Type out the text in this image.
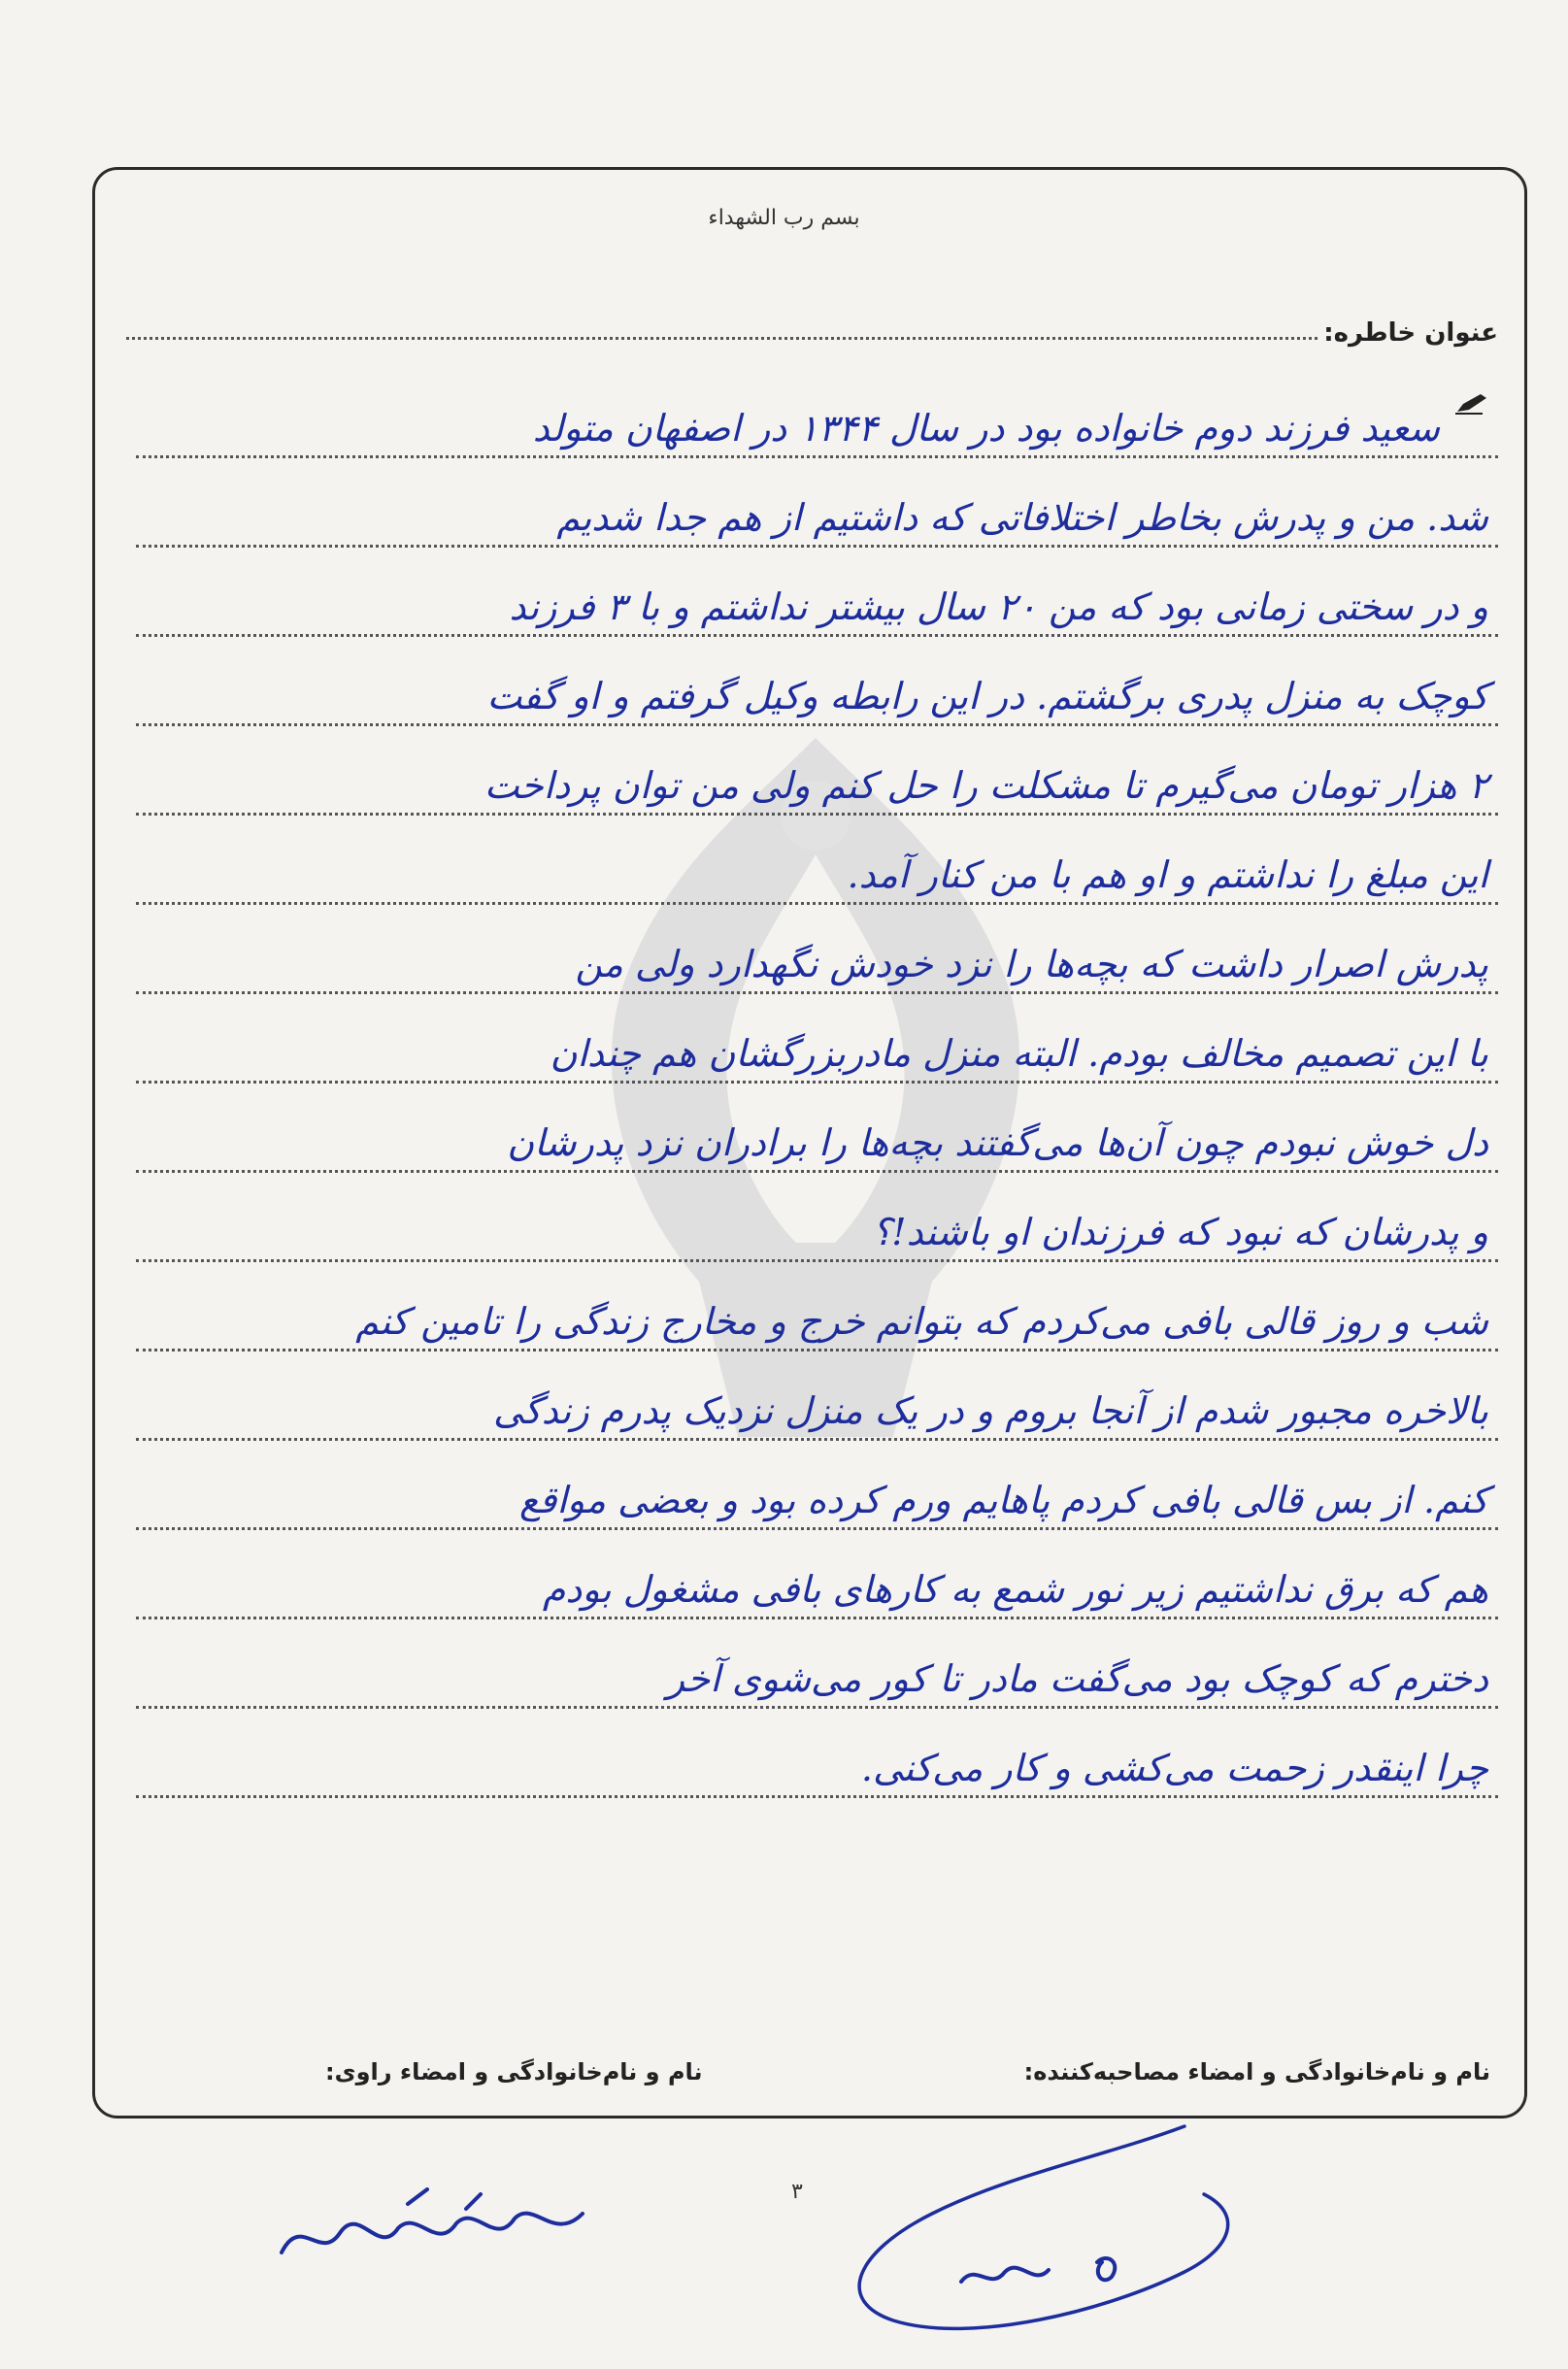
بسم رب الشهداء
عنوان خاطره:
سعید فرزند دوم خانواده بود در سال ۱۳۴۴ در اصفهان متولد
شد. من و پدرش بخاطر اختلافاتی که داشتیم از هم جدا شدیم
و در سختی زمانی بود که من ۲۰ سال بیشتر نداشتم و با ۳ فرزند
کوچک به منزل پدری برگشتم. در این رابطه وکیل گرفتم و او گفت
۲ هزار تومان می‌گیرم تا مشکلت را حل کنم ولی من توان پرداخت
این مبلغ را نداشتم و او هم با من کنار آمد.
پدرش اصرار داشت که بچه‌ها را نزد خودش نگهدارد ولی من
با این تصمیم مخالف بودم. البته منزل مادربزرگشان هم چندان
دل خوش نبودم چون آن‌ها می‌گفتند بچه‌ها را برادران نزد پدرشان
و پدرشان که نبود که فرزندان او باشند!؟
شب و روز قالی بافی می‌کردم که بتوانم خرج و مخارج زندگی را تامین کنم
بالاخره مجبور شدم از آنجا بروم و در یک منزل نزدیک پدرم زندگی
کنم. از بس قالی بافی کردم پاهایم ورم کرده بود و بعضی مواقع
هم که برق نداشتیم زیر نور شمع به کارهای بافی مشغول بودم
دخترم که کوچک بود می‌گفت مادر تا کور می‌شوی آخر
چرا اینقدر زحمت می‌کشی و کار می‌کنی.
نام و نام‌خانوادگی و امضاء مصاحبه‌کننده:
نام و نام‌خانوادگی و امضاء راوی:
۳
